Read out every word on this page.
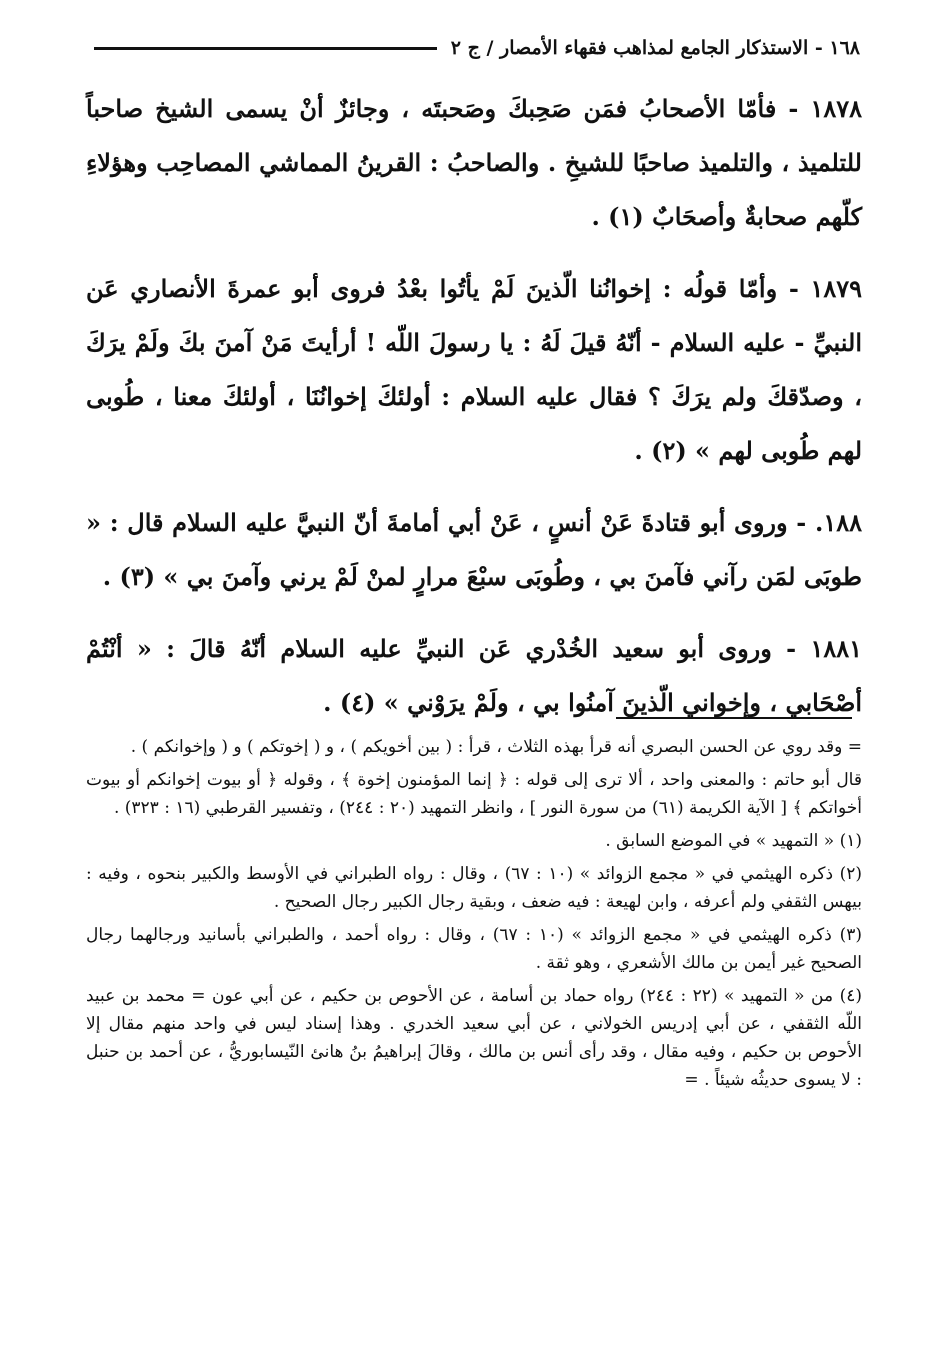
١٦٨ - الاستذكار الجامع لمذاهب فقهاء الأمصار / ج ٢

١٨٧٨ - فأمّا الأصحابُ فمَن صَحِبكَ وصَحبتَه ، وجائزٌ أنْ يسمى الشيخ صاحباً للتلميذ ، والتلميذ صاحبًا للشيخِ . والصاحبُ : القرينُ المماشي المصاحِب وهؤلاءِ كلّهم صحابةٌ وأصحَابٌ (١) .

١٨٧٩ - وأمّا قولُه : إخوانُنا الّذينَ لَمْ يأتُوا بعْدُ فروى أبو عمرةَ الأنصاري عَن النبيِّ - عليه السلام - أنّهُ قيلَ لَهُ : يا رسولَ اللّه ! أرأيتَ مَنْ آمنَ بكَ ولَمْ يرَكَ ، وصدّقكَ ولم يرَكَ ؟ فقال عليه السلام : أولئكَ إخوانُنَا ، أولئكَ معنا ، طُوبى لهم طُوبى لهم » (٢) .

١٨٨. - وروى أبو قتادةَ عَنْ أنسٍ ، عَنْ أبي أمامةَ أنّ النبيَّ عليه السلام قال : « طوبَى لمَن رآني فآمنَ بي ، وطُوبَى سبْعَ مرارٍ لمنْ لَمْ يرني وآمنَ بي » (٣) .

١٨٨١ - وروى أبو سعيد الخُدْري عَن النبيِّ عليه السلام أنّهُ قالَ : « أنْتُمْ أصْحَابي ، وإخواني الّذينَ آمنُوا بي ، ولَمْ يرَوْني » (٤) .

= وقد روي عن الحسن البصري أنه قرأ بهذه الثلاث ، قرأ : ( بين أخويكم ) ، و ( إخوتكم ) و ( وإخوانكم ) .

قال أبو حاتم : والمعنى واحد ، ألا ترى إلى قوله : ﴿ إنما المؤمنون إخوة ﴾ ، وقوله ﴿ أو بيوت إخوانكم أو بيوت أخواتكم ﴾ [ الآية الكريمة (٦١) من سورة النور ] ، وانظر التمهيد (٢٠ : ٢٤٤) ، وتفسير القرطبي (١٦ : ٣٢٣) .

(١) « التمهيد » في الموضع السابق .

(٢) ذكره الهيثمي في « مجمع الزوائد » (١٠ : ٦٧) ، وقال : رواه الطبراني في الأوسط والكبير بنحوه ، وفيه : بيهس الثقفي ولم أعرفه ، وابن لهيعة : فيه ضعف ، وبقية رجال الكبير رجال الصحيح .

(٣) ذكره الهيثمي في « مجمع الزوائد » (١٠ : ٦٧) ، وقال : رواه أحمد ، والطبراني بأسانيد ورجالهما رجال الصحيح غير أيمن بن مالك الأشعري ، وهو ثقة .

(٤) من « التمهيد » (٢٢ : ٢٤٤) رواه حماد بن أسامة ، عن الأحوص بن حكيم ، عن أبي عون = محمد بن عبيد اللّه الثقفي ، عن أبي إدريس الخولاني ، عن أبي سعيد الخدري . وهذا إسناد ليس في واحد منهم مقال إلا الأحوص بن حكيم ، وفيه مقال ، وقد رأى أنس بن مالك ، وقالَ إبراهيمُ بنُ هانئ النّيسابوريُّ ، عن أحمد بن حنبل : لا يسوى حديثُه شيئاً . =
